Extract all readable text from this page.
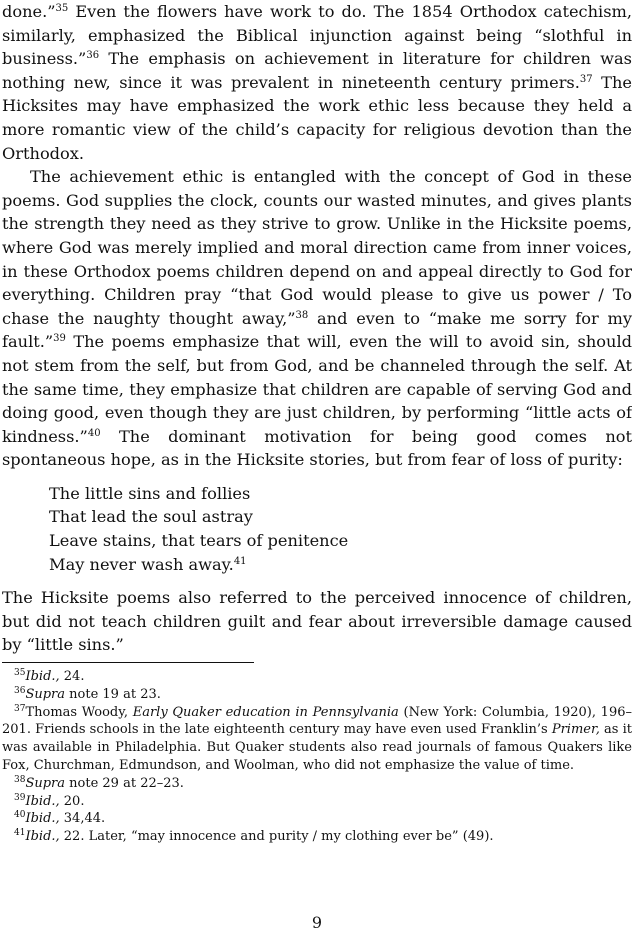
done.”$^{35}$ Even the flowers have work to do. The 1854 Orthodox catechism, similarly, emphasized the Biblical injunction against being “slothful in business.”$^{36}$ The emphasis on achievement in literature for children was nothing new, since it was prevalent in nineteenth century primers.$^{37}$ The Hicksites may have emphasized the work ethic less because they held a more romantic view of the child’s capacity for religious devotion than the Orthodox.

The achievement ethic is entangled with the concept of God in these poems. God supplies the clock, counts our wasted minutes, and gives plants the strength they need as they strive to grow. Unlike in the Hicksite poems, where God was merely implied and moral direction came from inner voices, in these Orthodox poems children depend on and appeal directly to God for everything. Children pray “that God would please to give us power / To chase the naughty thought away,”$^{38}$ and even to “make me sorry for my fault.”$^{39}$ The poems emphasize that will, even the will to avoid sin, should not stem from the self, but from God, and be channeled through the self. At the same time, they emphasize that children are capable of serving God and doing good, even though they are just children, by performing “little acts of kindness.”$^{40}$ The dominant motivation for being good comes not spontaneous hope, as in the Hicksite stories, but from fear of loss of purity:

The little sins and follies
That lead the soul astray
Leave stains, that tears of penitence
May never wash away.$^{41}$

The Hicksite poems also referred to the perceived innocence of children, but did not teach children guilt and fear about irreversible damage caused by “little sins.”

$^{35}$Ibid., 24.

$^{36}$Supra note 19 at 23.

$^{37}$Thomas Woody, Early Quaker education in Pennsylvania (New York: Columbia, 1920), 196–201. Friends schools in the late eighteenth century may have even used Franklin’s Primer, as it was available in Philadelphia. But Quaker students also read journals of famous Quakers like Fox, Churchman, Edmundson, and Woolman, who did not emphasize the value of time.

$^{38}$Supra note 29 at 22–23.

$^{39}$Ibid., 20.

$^{40}$Ibid., 34,44.

$^{41}$Ibid., 22. Later, “may innocence and purity / my clothing ever be” (49).

9
